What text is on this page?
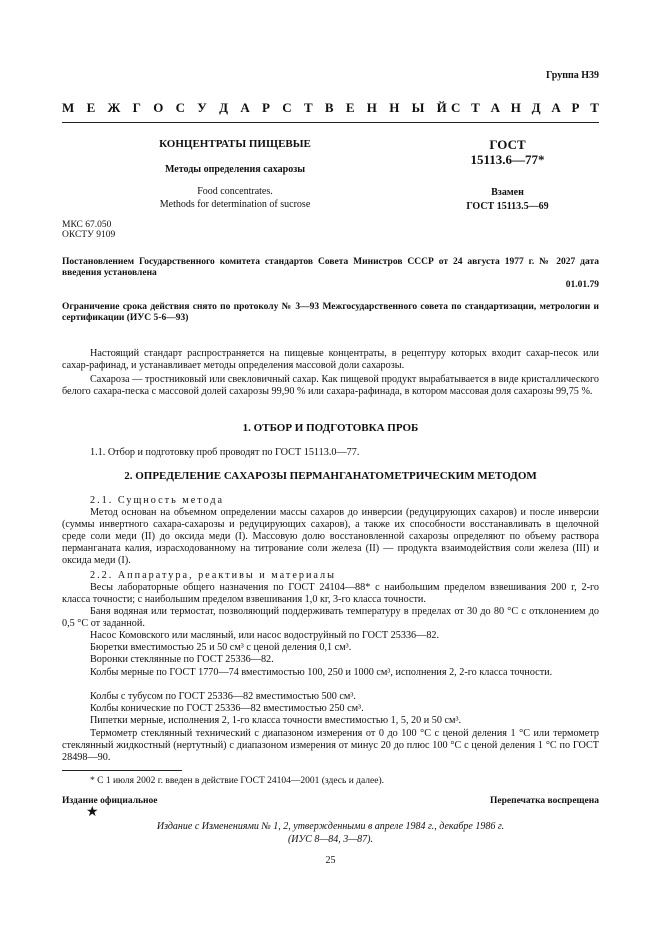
Группа Н39
М Е Ж Г О С У Д А Р С Т В Е Н Н Ы Й С Т А Н Д А Р Т
КОНЦЕНТРАТЫ ПИЩЕВЫЕ
Методы определения сахарозы
Food concentrates.
Methods for determination of sucrose
ГОСТ
15113.6—77*
Взамен
ГОСТ 15113.5—69
МКС 67.050
ОКСТУ 9109
Постановлением Государственного комитета стандартов Совета Министров СССР от 24 августа 1977 г. № 2027 дата введения установлена
01.01.79
Ограничение срока действия снято по протоколу № 3—93 Межгосударственного совета по стандартизации, метрологии и сертификации (ИУС 5-6—93)
Настоящий стандарт распространяется на пищевые концентраты, в рецептуру которых входит сахар-песок или сахар-рафинад, и устанавливает методы определения массовой доли сахарозы.
Сахароза — тростниковый или свекловичный сахар. Как пищевой продукт вырабатывается в виде кристаллического белого сахара-песка с массовой долей сахарозы 99,90 % или сахара-рафинада, в котором массовая доля сахарозы 99,75 %.
1. ОТБОР И ПОДГОТОВКА ПРОБ
1.1. Отбор и подготовку проб проводят по ГОСТ 15113.0—77.
2. ОПРЕДЕЛЕНИЕ САХАРОЗЫ ПЕРМАНГАНАТОМЕТРИЧЕСКИМ МЕТОДОМ
2.1. Сущность метода
Метод основан на объемном определении массы сахаров до инверсии (редуцирующих сахаров) и после инверсии (суммы инвертного сахара-сахарозы и редуцирующих сахаров), а также их способности восстанавливать в щелочной среде соли меди (II) до оксида меди (I). Массовую долю восстановленной сахарозы определяют по объему раствора перманганата калия, израсходованному на титрование соли железа (II) — продукта взаимодействия соли железа (III) и оксида меди (I).
2.2. Аппаратура, реактивы и материалы
Весы лабораторные общего назначения по ГОСТ 24104—88* с наибольшим пределом взвешивания 200 г, 2-го класса точности; с наибольшим пределом взвешивания 1,0 кг, 3-го класса точности.
Баня водяная или термостат, позволяющий поддерживать температуру в пределах от 30 до 80 °С с отклонением до 0,5 °С от заданной.
Насос Комовского или масляный, или насос водоструйный по ГОСТ 25336—82.
Бюретки вместимостью 25 и 50 см³ с ценой деления 0,1 см³.
Воронки стеклянные по ГОСТ 25336—82.
Колбы мерные по ГОСТ 1770—74 вместимостью 100, 250 и 1000 см³, исполнения 2, 2-го класса точности.
Колбы с тубусом по ГОСТ 25336—82 вместимостью 500 см³.
Колбы конические по ГОСТ 25336—82 вместимостью 250 см³.
Пипетки мерные, исполнения 2, 1-го класса точности вместимостью 1, 5, 20 и 50 см³.
Термометр стеклянный технический с диапазоном измерения от 0 до 100 °С с ценой деления 1 °С или термометр стеклянный жидкостный (нертутный) с диапазоном измерения от минус 20 до плюс 100 °С с ценой деления 1 °С по ГОСТ 28498—90.
* С 1 июля 2002 г. введен в действие ГОСТ 24104—2001 (здесь и далее).
Издание официальное	Перепечатка воспрещена
★
Издание с Изменениями № 1, 2, утвержденными в апреле 1984 г., декабре 1986 г.
(ИУС 8—84, 3—87).
25
